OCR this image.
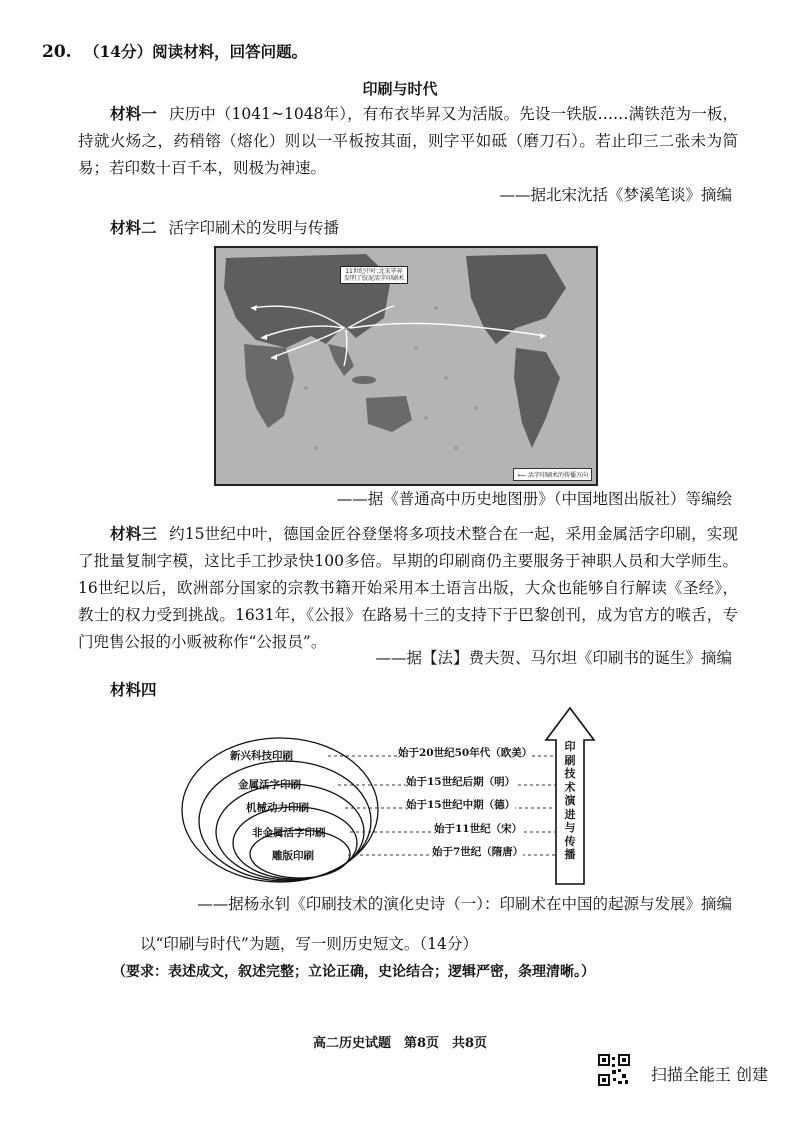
20. （14分）阅读材料，回答问题。
印刷与时代
材料一 庆历中（1041~1048年），有布衣毕昇又为活版。先设一铁版……满铁范为一板，持就火炀之，药稍镕（熔化）则以一平板按其面，则字平如砥（磨刀石）。若止印三二张未为简易；若印数十百千本，则极为神速。
——据北宋沈括《梦溪笔谈》摘编
材料二 活字印刷术的发明与传播
11世纪中叶,北宋毕昇发明了胶泥活字印刷术
⟵ 活字印刷术的传播方向
——据《普通高中历史地图册》（中国地图出版社）等编绘
材料三 约15世纪中叶，德国金匠谷登堡将多项技术整合在一起，采用金属活字印刷，实现了批量复制字模，这比手工抄录快100多倍。早期的印刷商仍主要服务于神职人员和大学师生。16世纪以后，欧洲部分国家的宗教书籍开始采用本土语言出版，大众也能够自行解读《圣经》，教士的权力受到挑战。1631年，《公报》在路易十三的支持下于巴黎创刊，成为官方的喉舌，专门兜售公报的小贩被称作“公报员”。
——据【法】费夫贺、马尔坦《印刷书的诞生》摘编
材料四
新兴科技印刷
金属活字印刷
机械动力印刷
非金属活字印刷
雕版印刷
始于20世纪50年代（欧美）
始于15世纪后期（明）
始于15世纪中期（德）
始于11世纪（宋）
始于7世纪（隋唐）
印刷技术演进与传播
——据杨永钊《印刷技术的演化史诗（一）：印刷术在中国的起源与发展》摘编
以“印刷与时代”为题，写一则历史短文。（14分）
（要求：表述成文，叙述完整；立论正确，史论结合；逻辑严密，条理清晰。）
高二历史试题　第8页　共8页
扫描全能王 创建
